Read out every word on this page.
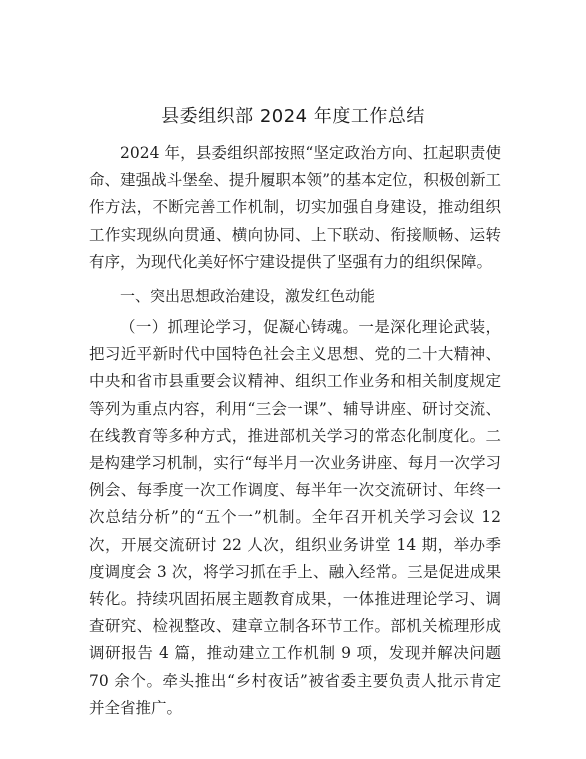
县委组织部 2024 年度工作总结

2024 年，县委组织部按照“坚定政治方向、扛起职责使命、建强战斗堡垒、提升履职本领”的基本定位，积极创新工作方法，不断完善工作机制，切实加强自身建设，推动组织工作实现纵向贯通、横向协同、上下联动、衔接顺畅、运转有序，为现代化美好怀宁建设提供了坚强有力的组织保障。

一、突出思想政治建设，激发红色动能

（一）抓理论学习，促凝心铸魂。一是深化理论武装，把习近平新时代中国特色社会主义思想、党的二十大精神、中央和省市县重要会议精神、组织工作业务和相关制度规定等列为重点内容，利用“三会一课”、辅导讲座、研讨交流、在线教育等多种方式，推进部机关学习的常态化制度化。二是构建学习机制，实行“每半月一次业务讲座、每月一次学习例会、每季度一次工作调度、每半年一次交流研讨、年终一次总结分析”的“五个一”机制。全年召开机关学习会议 12 次，开展交流研讨 22 人次，组织业务讲堂 14 期，举办季度调度会 3 次，将学习抓在手上、融入经常。三是促进成果转化。持续巩固拓展主题教育成果，一体推进理论学习、调查研究、检视整改、建章立制各环节工作。部机关梳理形成调研报告 4 篇，推动建立工作机制 9 项，发现并解决问题 70 余个。牵头推出“乡村夜话”被省委主要负责人批示肯定并全省推广。
